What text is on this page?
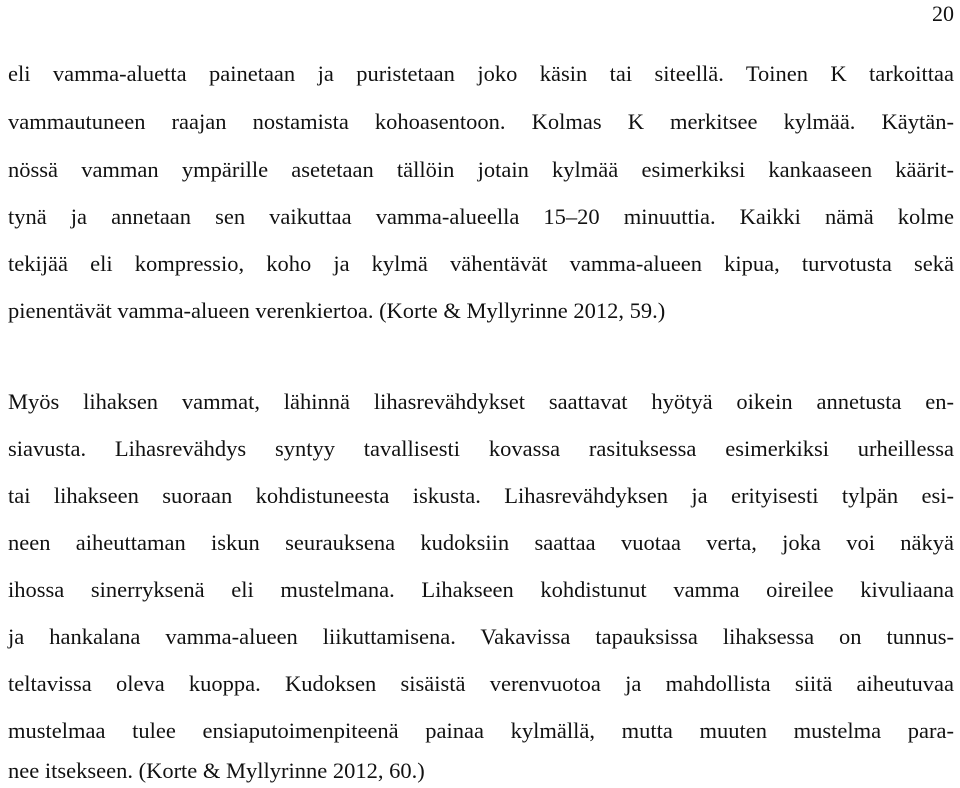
20
eli vamma-aluetta painetaan ja puristetaan joko käsin tai siteellä. Toinen K tarkoittaa
vammautuneen raajan nostamista kohoasentoon. Kolmas K merkitsee kylmää. Käytän-
nössä vamman ympärille asetetaan tällöin jotain kylmää esimerkiksi kankaaseen käärit-
tynä ja annetaan sen vaikuttaa vamma-alueella 15–20 minuuttia. Kaikki nämä kolme
tekijää eli kompressio, koho ja kylmä vähentävät vamma-alueen kipua, turvotusta sekä
pienentävät vamma-alueen verenkiertoa. (Korte & Myllyrinne 2012, 59.)
Myös lihaksen vammat, lähinnä lihasrevähdykset saattavat hyötyä oikein annetusta en-
siavusta. Lihasrevähdys syntyy tavallisesti kovassa rasituksessa esimerkiksi urheillessa
tai lihakseen suoraan kohdistuneesta iskusta. Lihasrevähdyksen ja erityisesti tylpän esi-
neen aiheuttaman iskun seurauksena kudoksiin saattaa vuotaa verta, joka voi näkyä
ihossa sinerryksenä eli mustelmana. Lihakseen kohdistunut vamma oireilee kivuliaana
ja hankalana vamma-alueen liikuttamisena. Vakavissa tapauksissa lihaksessa on tunnus-
teltavissa oleva kuoppa. Kudoksen sisäistä verenvuotoa ja mahdollista siitä aiheutuvaa
mustelmaa tulee ensiaputoimenpiteenä painaa kylmällä, mutta muuten mustelma para-
nee itsekseen. (Korte & Myllyrinne 2012, 60.)
